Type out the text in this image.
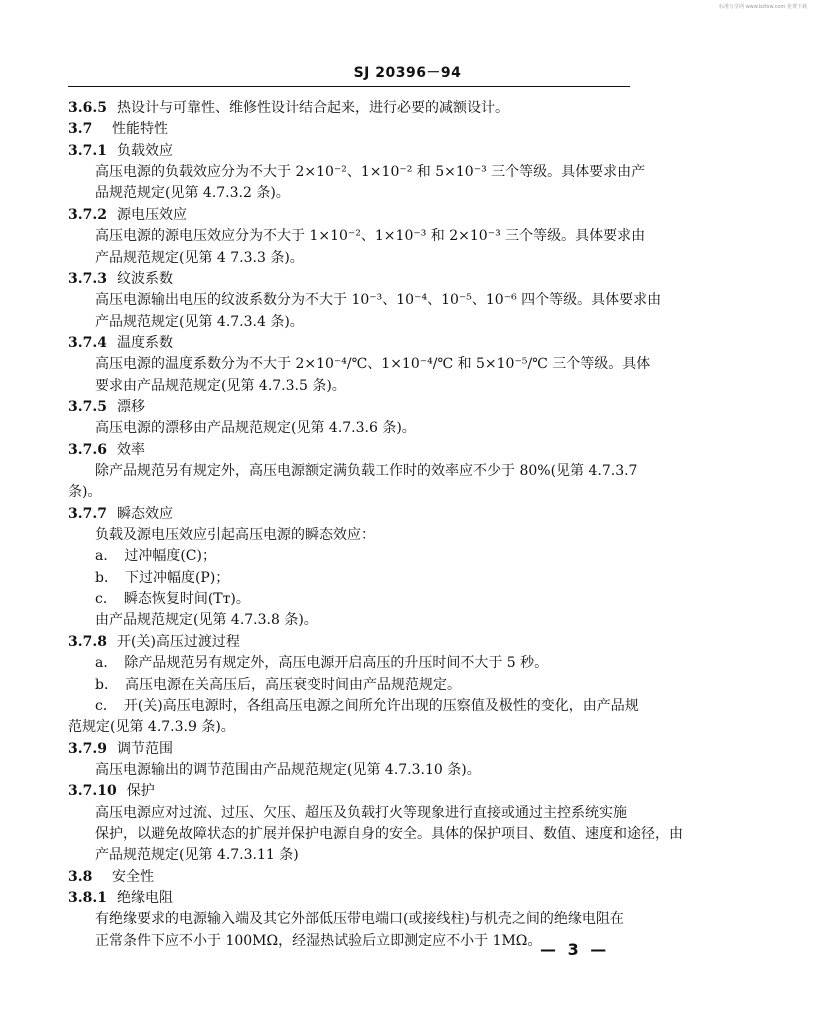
标准分享网 www.bzfxw.com 免费下载
SJ 20396－94
3.6.5 热设计与可靠性、维修性设计结合起来，进行必要的减额设计。
3.7 性能特性
3.7.1 负载效应
高压电源的负载效应分为不大于 2×10⁻²、1×10⁻² 和 5×10⁻³ 三个等级。具体要求由产
品规范规定(见第 4.7.3.2 条)。
3.7.2 源电压效应
高压电源的源电压效应分为不大于 1×10⁻²、1×10⁻³ 和 2×10⁻³ 三个等级。具体要求由
产品规范规定(见第 4 7.3.3 条)。
3.7.3 纹波系数
高压电源输出电压的纹波系数分为不大于 10⁻³、10⁻⁴、10⁻⁵、10⁻⁶ 四个等级。具体要求由
产品规范规定(见第 4.7.3.4 条)。
3.7.4 温度系数
高压电源的温度系数分为不大于 2×10⁻⁴/℃、1×10⁻⁴/℃ 和 5×10⁻⁵/℃ 三个等级。具体
要求由产品规范规定(见第 4.7.3.5 条)。
3.7.5 漂移
高压电源的漂移由产品规范规定(见第 4.7.3.6 条)。
3.7.6 效率
除产品规范另有规定外，高压电源额定满负载工作时的效率应不少于 80%(见第 4.7.3.7
条)。
3.7.7 瞬态效应
负载及源电压效应引起高压电源的瞬态效应：
a．　过冲幅度(C)；
b．　下过冲幅度(P)；
c．　瞬态恢复时间(Tᴛ)。
由产品规范规定(见第 4.7.3.8 条)。
3.7.8 开(关)高压过渡过程
a．　除产品规范另有规定外，高压电源开启高压的升压时间不大于 5 秒。
b．　高压电源在关高压后，高压衰变时间由产品规范规定。
c．　开(关)高压电源时，各组高压电源之间所允许出现的压察值及极性的变化，由产品规
范规定(见第 4.7.3.9 条)。
3.7.9 调节范围
高压电源输出的调节范围由产品规范规定(见第 4.7.3.10 条)。
3.7.10 保护
高压电源应对过流、过压、欠压、超压及负载打火等现象进行直接或通过主控系统实施
保护，以避免故障状态的扩展并保护电源自身的安全。具体的保护项目、数值、速度和途径，由
产品规范规定(见第 4.7.3.11 条)
3.8 安全性
3.8.1 绝缘电阻
有绝缘要求的电源输入端及其它外部低压带电端口(或接线柱)与机壳之间的绝缘电阻在
正常条件下应不小于 100MΩ，经湿热试验后立即测定应不小于 1MΩ。
— 3 —
